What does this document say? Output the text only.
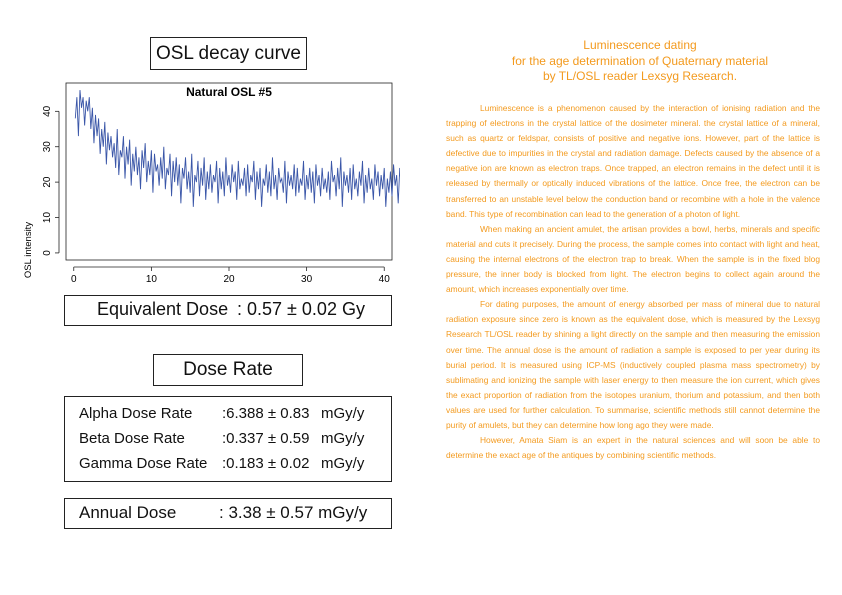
OSL decay curve
Natural OSL #5
OSL intensity
0	10	20	30	40
0
10
20
30
40
Equivalent Dose : 0.57 ± 0.02 Gy
Dose Rate
Alpha Dose Rate :6.388 ± 0.83 mGy/y
Beta Dose Rate :0.337 ± 0.59 mGy/y
Gamma Dose Rate :0.183 ± 0.02 mGy/y
Annual Dose	: 3.38 ± 0.57 mGy/y
Luminescence dating
for the age determination of Quaternary material
by TL/OSL reader Lexsyg Research.

Luminescence is a phenomenon caused by the interaction of ionising radiation and the trapping of electrons in the crystal lattice of the dosimeter mineral. the crystal lattice of a mineral, such as quartz or feldspar, consists of positive and negative ions. However, part of the lattice is defective due to impurities in the crystal and radiation damage. Defects caused by the absence of a negative ion are known as electron traps. Once trapped, an electron remains in the defect until it is released by thermally or optically induced vibrations of the lattice. Once free, the electron can be transferred to an unstable level below the conduction band or recombine with a hole in the valence band. This type of recombination can lead to the generation of a photon of light.

When making an ancient amulet, the artisan provides a bowl, herbs, minerals and specific material and cuts it precisely. During the process, the sample comes into contact with light and heat, causing the internal electrons of the electron trap to break. When the sample is in the fixed blog pressure, the inner body is blocked from light. The electron begins to collect again around the amount, which increases exponentially over time.

For dating purposes, the amount of energy absorbed per mass of mineral due to natural radiation exposure since zero is known as the equivalent dose, which is measured by the Lexsyg Research TL/OSL reader by shining a light directly on the sample and then measuring the emission over time. The annual dose is the amount of radiation a sample is exposed to per year during its burial period. It is measured using ICP-MS (inductively coupled plasma mass spectrometry) by sublimating and ionizing the sample with laser energy to then measure the ion current, which gives the exact proportion of radiation from the isotopes uranium, thorium and potassium, and then both values are used for further calculation. To summarise, scientific methods still cannot determine the purity of amulets, but they can determine how long ago they were made.

However, Amata Siam is an expert in the natural sciences and will soon be able to determine the exact age of the antiques by combining scientific methods.
